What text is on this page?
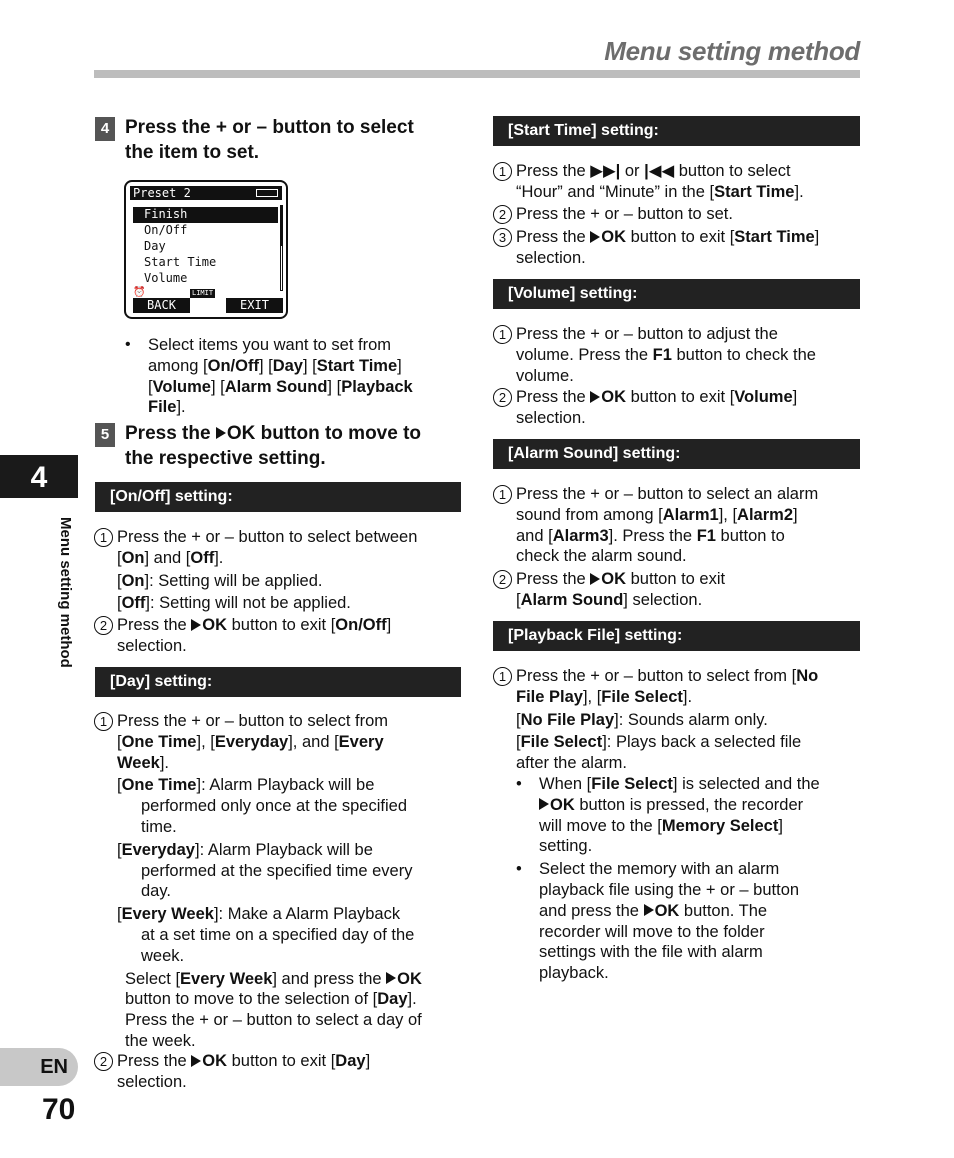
Menu setting method
4
Menu setting method
EN
70
4 Press the + or – button to select
the item to set.
Preset 2
Finish
On/Off
Day
Start Time
Volume
⏰	LIMIT
BACK	EXIT
• Select items you want to set from
among [On/Off] [Day] [Start Time]
[Volume] [Alarm Sound] [Playback
File].
5 Press the OK button to move to
the respective setting.
[On/Off] setting:
1 Press the + or – button to select between
[On] and [Off].
[On]: Setting will be applied.
[Off]: Setting will not be applied.
2 Press the OK button to exit [On/Off]
selection.
[Day] setting:
1 Press the + or – button to select from
[One Time], [Everyday], and [Every
Week].
[One Time]: Alarm Playback will be
performed only once at the specified
time.
[Everyday]: Alarm Playback will be
performed at the specified time every
day.
[Every Week]: Make a Alarm Playback
at a set time on a specified day of the
week.
Select [Every Week] and press the OK
button to move to the selection of [Day].
Press the + or – button to select a day of
the week.
2 Press the OK button to exit [Day]
selection.
[Start Time] setting:
1 Press the ▶▶| or |◀◀ button to select
“Hour” and “Minute” in the [Start Time].
2 Press the + or – button to set.
3 Press the OK button to exit [Start Time]
selection.
[Volume] setting:
1 Press the + or – button to adjust the
volume. Press the F1 button to check the
volume.
2 Press the OK button to exit [Volume]
selection.
[Alarm Sound] setting:
1 Press the + or – button to select an alarm
sound from among [Alarm1], [Alarm2]
and [Alarm3]. Press the F1 button to
check the alarm sound.
2 Press the OK button to exit
[Alarm Sound] selection.
[Playback File] setting:
1 Press the + or – button to select from [No
File Play], [File Select].
[No File Play]: Sounds alarm only.
[File Select]: Plays back a selected file
after the alarm.
• When [File Select] is selected and the
OK button is pressed, the recorder
will move to the [Memory Select]
setting.
• Select the memory with an alarm
playback file using the + or – button
and press the OK button. The
recorder will move to the folder
settings with the file with alarm
playback.
